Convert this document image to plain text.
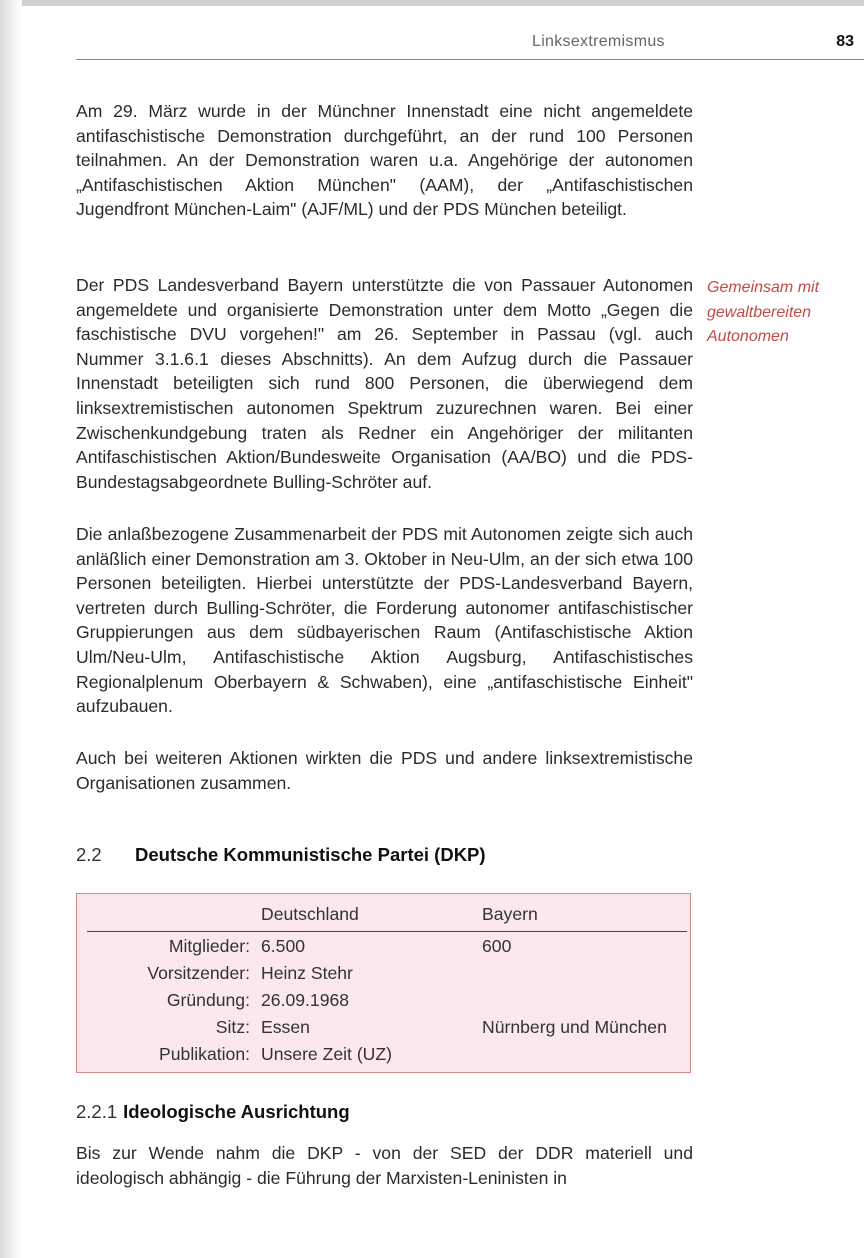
Linksextremismus	83

Am 29. März wurde in der Münchner Innenstadt eine nicht angemeldete antifaschistische Demonstration durchgeführt, an der rund 100 Personen teilnahmen. An der Demonstration waren u.a. Angehörige der autonomen „Antifaschistischen Aktion München" (AAM), der „Antifaschistischen Jugendfront München-Laim" (AJF/ML) und der PDS München beteiligt.

Der PDS Landesverband Bayern unterstützte die von Passauer Autonomen angemeldete und organisierte Demonstration unter dem Motto „Gegen die faschistische DVU vorgehen!" am 26. September in Passau (vgl. auch Nummer 3.1.6.1 dieses Abschnitts). An dem Aufzug durch die Passauer Innenstadt beteiligten sich rund 800 Personen, die überwiegend dem linksextremistischen autonomen Spektrum zuzurechnen waren. Bei einer Zwischenkundgebung traten als Redner ein Angehöriger der militanten Antifaschistischen Aktion/Bundesweite Organisation (AA/BO) und die PDS-Bundestagsabgeordnete Bulling-Schröter auf.

Die anlaßbezogene Zusammenarbeit der PDS mit Autonomen zeigte sich auch anläßlich einer Demonstration am 3. Oktober in Neu-Ulm, an der sich etwa 100 Personen beteiligten. Hierbei unterstützte der PDS-Landesverband Bayern, vertreten durch Bulling-Schröter, die Forderung autonomer antifaschistischer Gruppierungen aus dem südbayerischen Raum (Antifaschistische Aktion Ulm/Neu-Ulm, Antifaschistische Aktion Augsburg, Antifaschistisches Regionalplenum Oberbayern & Schwaben), eine „antifaschistische Einheit" aufzubauen.

Auch bei weiteren Aktionen wirkten die PDS und andere linksextremistische Organisationen zusammen.

Gemeinsam mit
gewaltbereiten
Autonomen
2.2 Deutsche Kommunistische Partei (DKP)
Deutschland	Bayern
Mitglieder: 6.500	600
Vorsitzender: Heinz Stehr
Gründung: 26.09.1968
Sitz: Essen	Nürnberg und München
Publikation: Unsere Zeit (UZ)
2.2.1 Ideologische Ausrichtung

Bis zur Wende nahm die DKP - von der SED der DDR materiell und ideologisch abhängig - die Führung der Marxisten-Leninisten in
